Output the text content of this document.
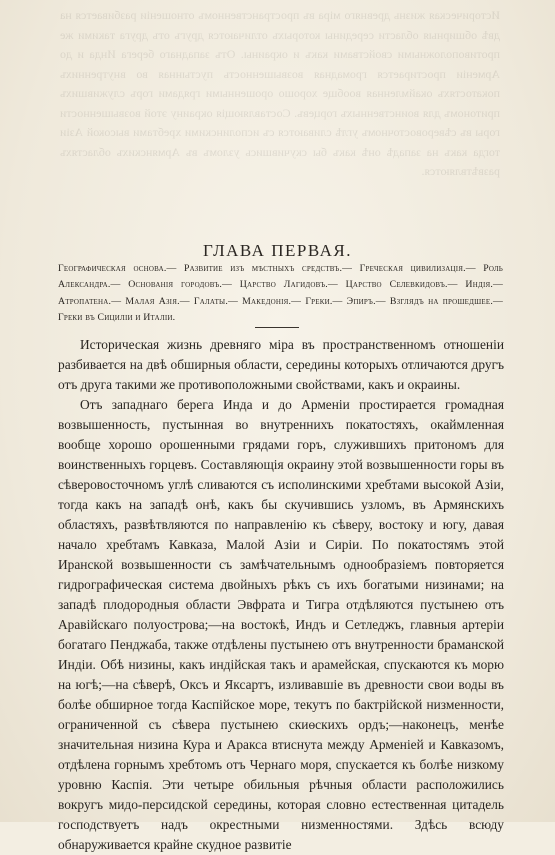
Историческая жизнь древняго міра въ пространственномъ отношеніи разбивается на двѣ обширныя области середины которыхъ отличаются другъ отъ друга такими же противоположными свойствами какъ и окраины. Отъ западнаго берега Инда и до Арменіи простирается громадная возвышенность пустынная во внутреннихъ покатостяхъ окаймленная вообще хорошо орошенными грядами горъ служившихъ притономъ для воинственныхъ горцевъ. Составляющія окраину этой возвышенности горы въ сѣверовосточномъ углѣ сливаются съ исполинскими хребтами высокой Азіи тогда какъ на западѣ онѣ какъ бы скучившись узломъ въ Армянскихъ областяхъ развѣтвляются.
ГЛАВА ПЕРВАЯ.
Географическая основа.— Развитие изъ мѣстныхъ средствъ.— Греческая цивилизація.— Роль Александра.— Основанія городовъ.— Царство Лагидовъ.— Царство Селевкидовъ.— Индія.— Атропатена.— Малая Азія.— Галаты.— Македонія.— Греки.— Эпиръ.— Взглядъ на прошедшее.— Греки въ Сициліи и Италіи.

Историческая жизнь древняго міра въ пространственномъ отношеніи разбивается на двѣ обширныя области, середины которыхъ отличаются другъ отъ друга такими же противоположными свойствами, какъ и окраины.

Отъ западнаго берега Инда и до Арменіи простирается громадная возвышенность, пустынная во внутреннихъ покатостяхъ, окаймленная вообще хорошо орошенными грядами горъ, служившихъ притономъ для воинственныхъ горцевъ. Составляющія окраину этой возвышенности горы въ сѣверовосточномъ углѣ сливаются съ исполинскими хребтами высокой Азіи, тогда какъ на западѣ онѣ, какъ бы скучившись узломъ, въ Армянскихъ областяхъ, развѣтвляются по направленію къ сѣверу, востоку и югу, давая начало хребтамъ Кавказа, Малой Азіи и Сиріи. По покатостямъ этой Иранской возвышенности съ замѣчательнымъ однообразіемъ повторяется гидрографическая система двойныхъ рѣкъ съ ихъ богатыми низинами; на западѣ плодородныя области Эвфрата и Тигра отдѣляются пустынею отъ Аравійскаго полуострова;—на востокѣ, Индъ и Сетледжъ, главныя артеріи богатаго Пенджаба, также отдѣлены пустынею отъ внутренности браманской Индіи. Обѣ низины, какъ индійская такъ и арамейская, спускаются къ морю на югѣ;—на сѣверѣ, Оксъ и Яксартъ, изливавшіе въ древности свои воды въ болѣе обширное тогда Каспійское море, текутъ по бактрійской низменности, ограниченной съ сѣвера пустынею скиѳскихъ ордъ;—наконецъ, менѣе значительная низина Кура и Аракса втиснута между Арменіей и Кавказомъ, отдѣлена горнымъ хребтомъ отъ Чернаго моря, спускается къ болѣе низкому уровню Каспія. Эти четыре обильныя рѣчныя области расположились вокругъ мидо-персидской середины, которая словно естественная цитадель господствуетъ надъ окрестными низменностями. Здѣсь всюду обнаруживается крайне скудное развитіе
